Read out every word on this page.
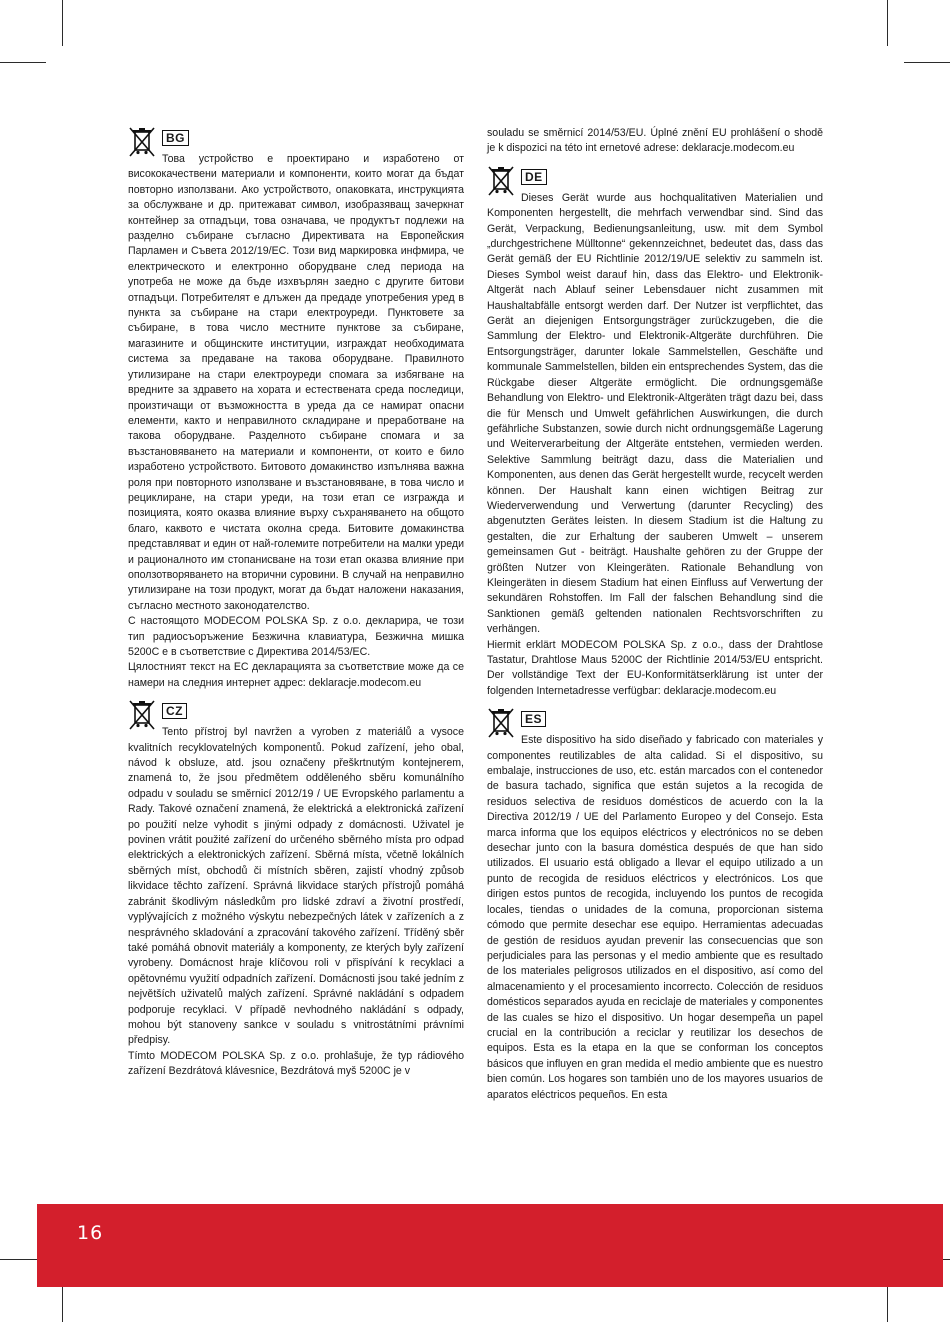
BG

Това устройство е проектирано и изработено от висококачествени материали и компоненти, които могат да бъдат повторно използвани. Ако устройството, опаковката, инструкцията за обслужване и др. притежават символ, изобразяващ зачеркнат контейнер за отпадъци, това означава, че продуктът подлежи на разделно събиране съгласно Директивата на Европейския Парламен и Съвета 2012/19/EC. Този вид маркировка инфмирa, че електрическото и електронно оборудване след периода на употреба не може да бъде изхвърлян заедно с другите битови отпадъци. Потребителят е длъжен да предаде употребения уред в пункта за събиране на стари електроуреди. Пунктовете за събиране, в това число местните пунктове за събиране, магазините и общинските институции, изграждат необходимата система за предаване на такова оборудване. Правилното утилизиране на стари електроуреди спомага за избягване на вредните за здравето на хората и естествената среда последици, произтичащи от възможността в уреда да се намират опасни елементи, както и неправилното складиране и преработване на такова оборудване. Разделното събиране спомага и за възстановяването на материали и компоненти, от които е било изработено устройството. Битовото домакинство изпълнява важна роля при повторното използване и възстановяване, в това число и рециклиране, на стари уреди, на този етап се изгражда и позицията, която оказва влияние върху съхраняването на общото благо, каквото е чистата околна среда. Битовите домакинства представляват и един от най-големите потребители на малки уреди и рационалното им стопанисване на този етап оказва влияние при оползотворяването на вторични суровини. В случай на неправилно утилизиране на този продукт, могат да бъдат наложени наказания, съгласно местното законодателство.

С настоящото MODECOM POLSKA Sp. z o.o. декларира, че този тип радиосъоръжение Безжична клавиатура, Безжична мишка 5200C е в съответствие с Директива 2014/53/EC.

Цялостният текст на ЕС декларацията за съответствие може да се намери на следния интернет адрес: deklaracje.modecom.eu

CZ

Tento přístroj byl navržen a vyroben z materiálů a vysoce kvalitních recyklovatelných komponentů. Pokud zařízení, jeho obal, návod k obsluze, atd. jsou označeny přeškrtnutým kontejnerem, znamená to, že jsou předmětem odděleného sběru komunálního odpadu v souladu se směrnicí 2012/19 / UE Evropského parlamentu a Rady. Takové označení znamená, že elektrická a elektronická zařízení po použití nelze vyhodit s jinými odpady z domácnosti. Uživatel je povinen vrátit použité zařízení do určeného sběrného místa pro odpad elektrických a elektronických zařízení. Sběrná místa, včetně lokálních sběrných míst, obchodů či místních sběren, zajistí vhodný způsob likvidace těchto zařízení. Správná likvidace starých přístrojů pomáhá zabránit škodlivým následkům pro lidské zdraví a životní prostředí, vyplývajících z možného výskytu nebezpečných látek v zařízeních a z nesprávného skladování a zpracování takového zařízení. Tříděný sběr také pomáhá obnovit materiály a komponenty, ze kterých byly zařízení vyrobeny. Domácnost hraje klíčovou roli v přispívání k recyklaci a opětovnému využití odpadních zařízení. Domácnosti jsou také jedním z největších uživatelů malých zařízení. Správné nakládání s odpadem podporuje recyklaci. V případě nevhodného nakládání s odpady, mohou být stanoveny sankce v souladu s vnitrostátními právními předpisy.

Tímto MODECOM POLSKA Sp. z o.o. prohlašuje, že typ rádiového zařízení Bezdrátová klávesnice, Bezdrátová myš 5200C je v

souladu se směrnicí 2014/53/EU. Úplné znění EU prohlášení o shodě je k dispozici na této int ernetové adrese: deklaracje.modecom.eu

DE

Dieses Gerät wurde aus hochqualitativen Materialien und Komponenten hergestellt, die mehrfach verwendbar sind. Sind das Gerät, Verpackung, Bedienungsanleitung, usw. mit dem Symbol „durchgestrichene Mülltonne“ gekennzeichnet, bedeutet das, dass das Gerät gemäß der EU Richtlinie 2012/19/UE selektiv zu sammeln ist. Dieses Symbol weist darauf hin, dass das Elektro- und Elektronik- Altgerät nach Ablauf seiner Lebensdauer nicht zusammen mit Haushaltabfälle entsorgt werden darf. Der Nutzer ist verpflichtet, das Gerät an diejenigen Entsorgungsträger zurückzugeben, die die Sammlung der Elektro- und Elektronik-Altgeräte durchführen. Die Entsorgungsträger, darunter lokale Sammelstellen, Geschäfte und kommunale Sammelstellen, bilden ein entsprechendes System, das die Rückgabe dieser Altgeräte ermöglicht. Die ordnungsgemäße Behandlung von Elektro- und Elektronik-Altgeräten trägt dazu bei, dass die für Mensch und Umwelt gefährlichen Auswirkungen, die durch gefährliche Substanzen, sowie durch nicht ordnungsgemäße Lagerung und Weiterverarbeitung der Altgeräte entstehen, vermieden werden. Selektive Sammlung beiträgt dazu, dass die Materialien und Komponenten, aus denen das Gerät hergestellt wurde, recycelt werden können. Der Haushalt kann einen wichtigen Beitrag zur Wiederverwendung und Verwertung (darunter Recycling) des abgenutzten Gerätes leisten. In diesem Stadium ist die Haltung zu gestalten, die zur Erhaltung der sauberen Umwelt – unserem gemeinsamen Gut - beiträgt. Haushalte gehören zu der Gruppe der größten Nutzer von Kleingeräten. Rationale Behandlung von Kleingeräten in diesem Stadium hat einen Einfluss auf Verwertung der sekundären Rohstoffen. Im Fall der falschen Behandlung sind die Sanktionen gemäß geltenden nationalen Rechtsvorschriften zu verhängen.

Hiermit erklärt MODECOM POLSKA Sp. z o.o., dass der Drahtlose Tastatur, Drahtlose Maus 5200C der Richtlinie 2014/53/EU entspricht. Der vollständige Text der EU-Konformitätserklärung ist unter der folgenden Internetadresse verfügbar: deklaracje.modecom.eu

ES

Este dispositivo ha sido diseñado y fabricado con materiales y componentes reutilizables de alta calidad. Si el dispositivo, su embalaje, instrucciones de uso, etc. están marcados con el contenedor de basura tachado, significa que están sujetos a la recogida de residuos selectiva de residuos domésticos de acuerdo con la la Directiva 2012/19 / UE del Parlamento Europeo y del Consejo. Esta marca informa que los equipos eléctricos y electrónicos no se deben desechar junto con la basura doméstica después de que han sido utilizados. El usuario está obligado a llevar el equipo utilizado a un punto de recogida de residuos eléctricos y electrónicos. Los que dirigen estos puntos de recogida, incluyendo los puntos de recogida locales, tiendas o unidades de la comuna, proporcionan sistema cómodo que permite desechar ese equipo. Herramientas adecuadas de gestión de residuos ayudan prevenir las consecuencias que son perjudiciales para las personas y el medio ambiente que es resultado de los materiales peligrosos utilizados en el dispositivo, así como del almacenamiento y el procesamiento incorrecto. Colección de residuos domésticos separados ayuda en reciclaje de materiales y componentes de las cuales se hizo el dispositivo. Un hogar desempeña un papel crucial en la contribución a reciclar y reutilizar los desechos de equipos. Esta es la etapa en la que se conforman los conceptos básicos que influyen en gran medida el medio ambiente que es nuestro bien común. Los hogares son también uno de los mayores usuarios de aparatos eléctricos pequeños. En esta

16
